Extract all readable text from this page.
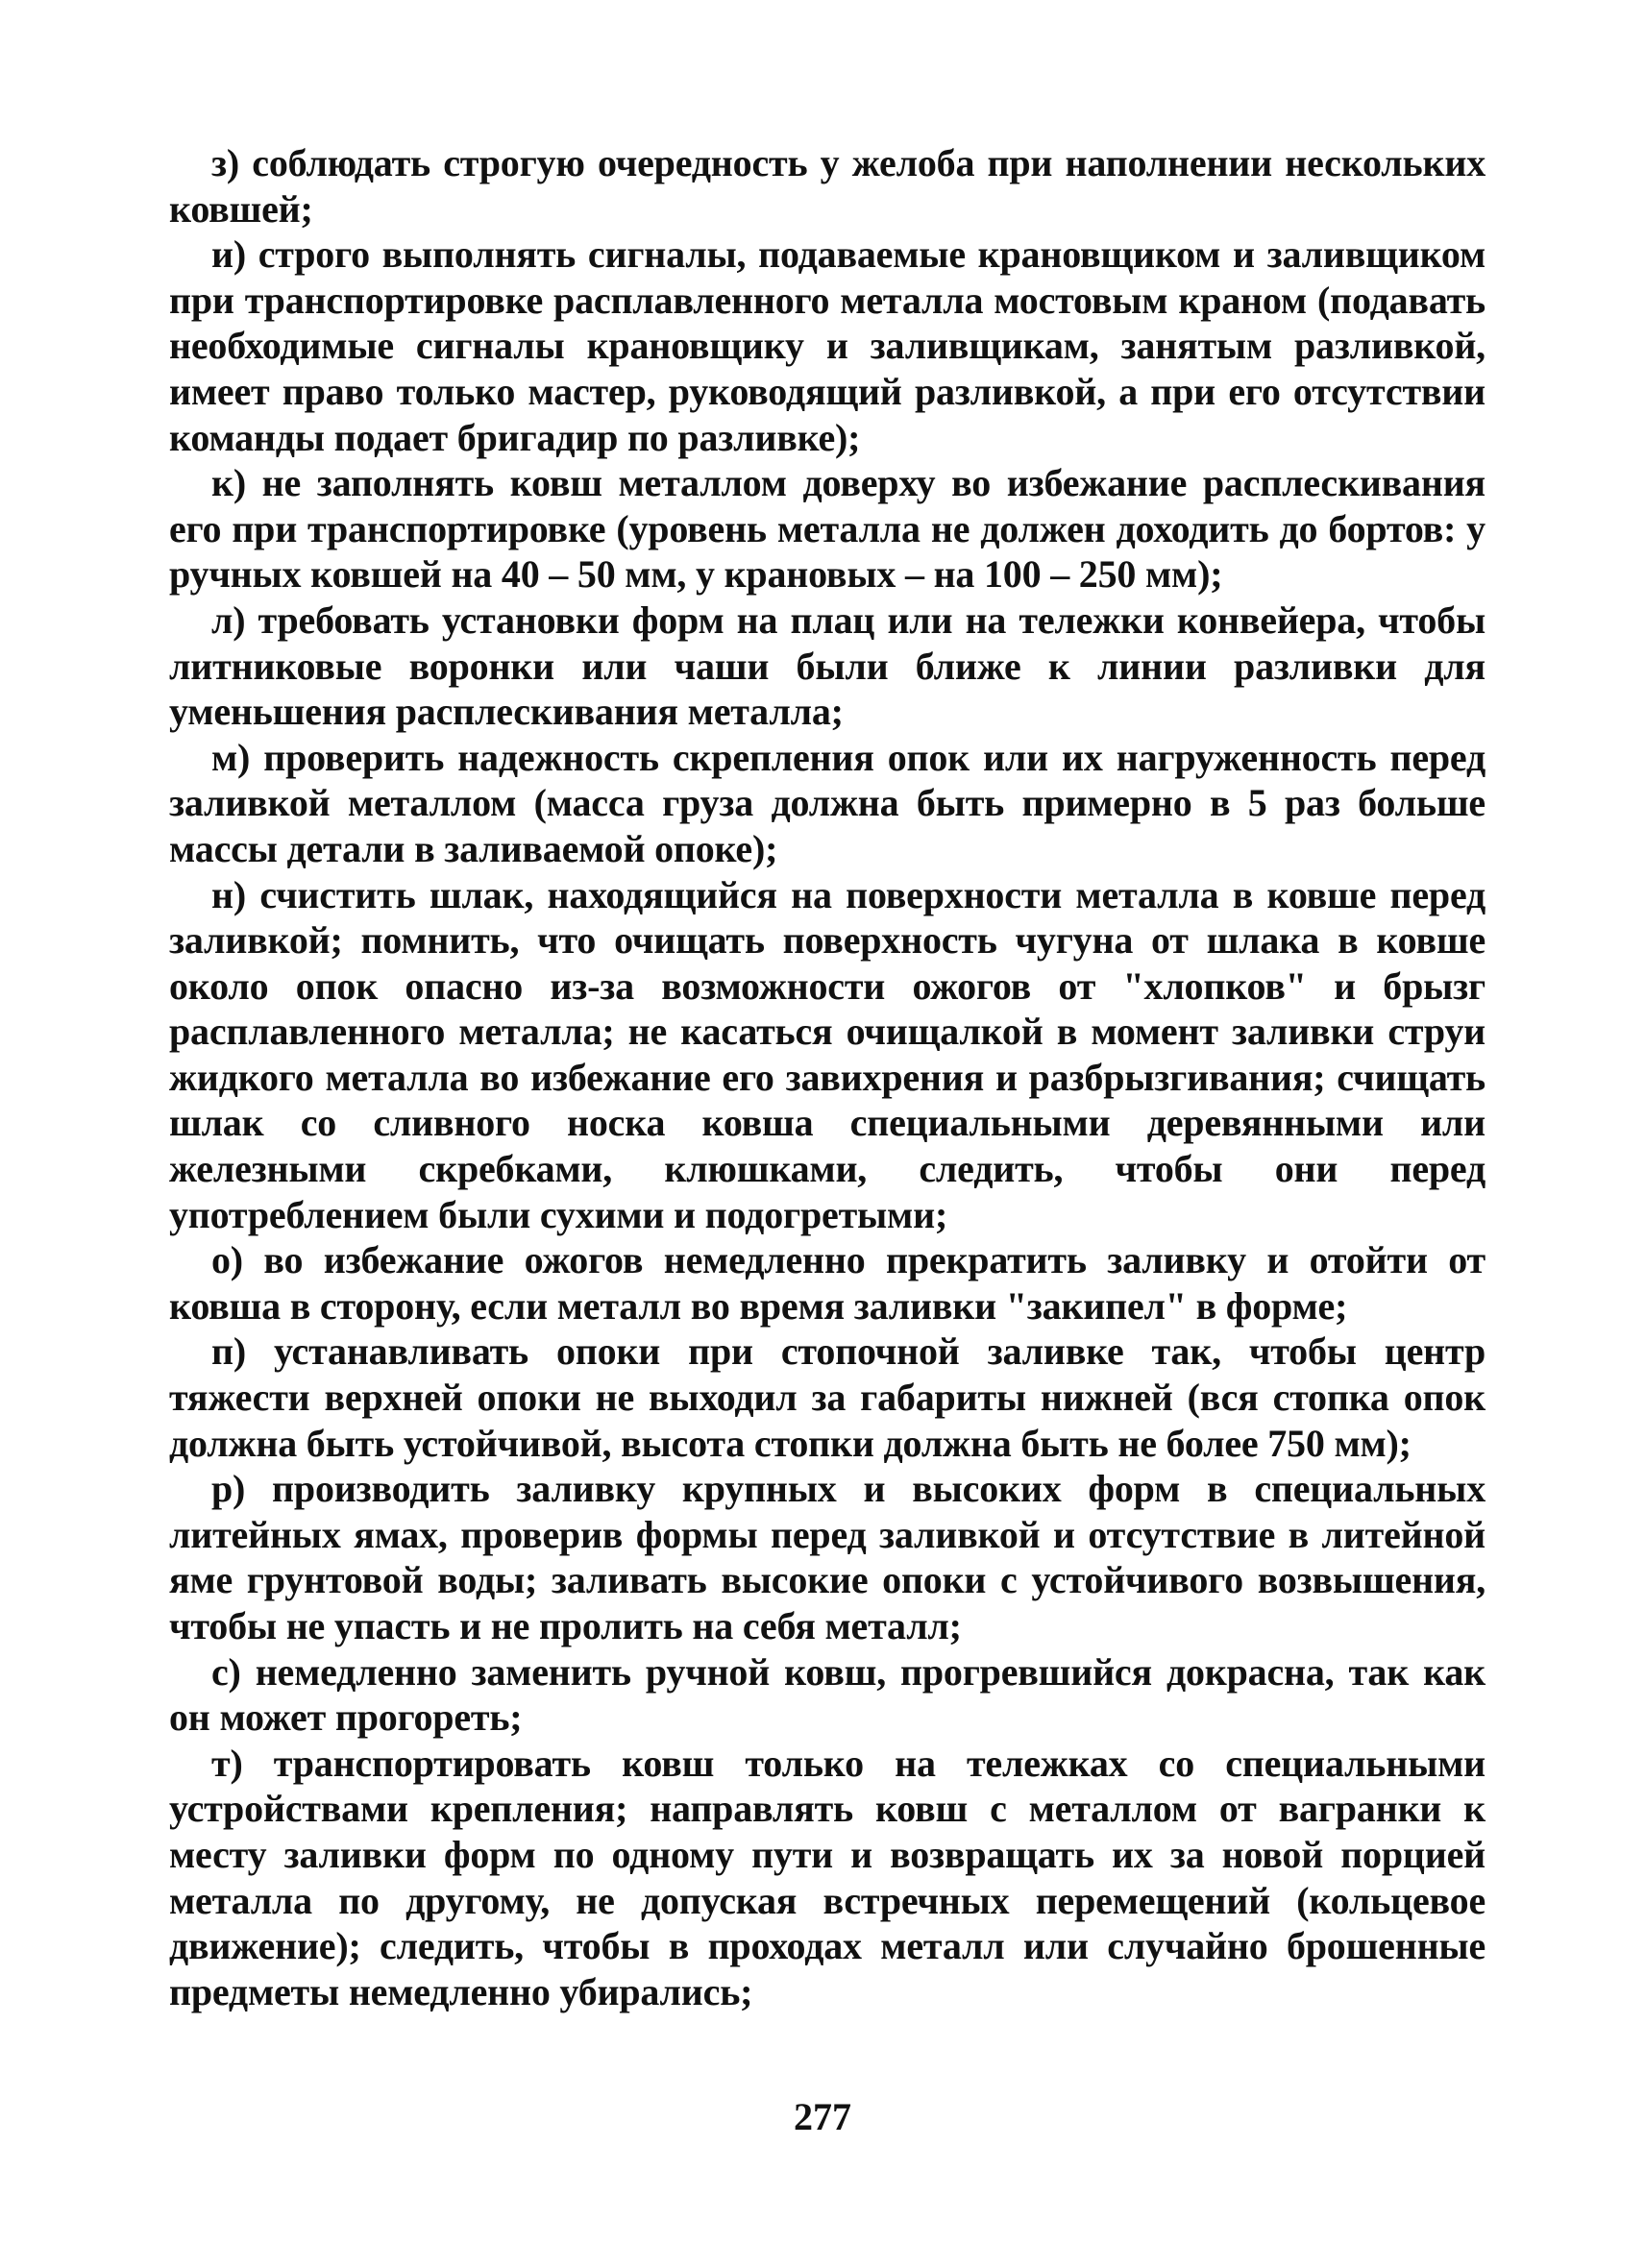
з) соблюдать строгую очередность у желоба при наполнении нескольких ковшей;

и) строго выполнять сигналы, подаваемые крановщиком и заливщиком при транспортировке расплавленного металла мостовым краном (подавать необходимые сигналы крановщику и заливщикам, занятым разливкой, имеет право только мастер, руководящий разливкой, а при его отсутствии команды подает бригадир по разливке);

к) не заполнять ковш металлом доверху во избежание расплескивания его при транспортировке (уровень металла не должен доходить до бортов: у ручных ковшей на 40 – 50 мм, у крановых – на 100 – 250 мм);

л) требовать установки форм на плац или на тележки конвейера, чтобы литниковые воронки или чаши были ближе к линии разливки для уменьшения расплескивания металла;

м) проверить надежность скрепления опок или их нагруженность перед заливкой металлом (масса груза должна быть примерно в 5 раз больше массы детали в заливаемой опоке);

н) счистить шлак, находящийся на поверхности металла в ковше перед заливкой; помнить, что очищать поверхность чугуна от шлака в ковше около опок опасно из-за возможности ожогов от "хлопков" и брызг расплавленного металла; не касаться очищалкой в момент заливки струи жидкого металла во избежание его завихрения и разбрызгивания; счищать шлак со сливного носка ковша специальными деревянными или железными скребками, клюшками, следить, чтобы они перед употреблением были сухими и подогретыми;

о) во избежание ожогов немедленно прекратить заливку и отойти от ковша в сторону, если металл во время заливки "закипел" в форме;

п) устанавливать опоки при стопочной заливке так, чтобы центр тяжести верхней опоки не выходил за габариты нижней (вся стопка опок должна быть устойчивой, высота стопки должна быть не более 750 мм);

р) производить заливку крупных и высоких форм в специальных литейных ямах, проверив формы перед заливкой и отсутствие в литейной яме грунтовой воды; заливать высокие опоки с устойчивого возвышения, чтобы не упасть и не пролить на себя металл;

с) немедленно заменить ручной ковш, прогревшийся докрасна, так как он может прогореть;

т) транспортировать ковш только на тележках со специальными устройствами крепления; направлять ковш с металлом от вагранки к месту заливки форм по одному пути и возвращать их за новой порцией металла по другому, не допуская встречных перемещений (кольцевое движение); следить, чтобы в проходах металл или случайно брошенные предметы немедленно убирались;

277
